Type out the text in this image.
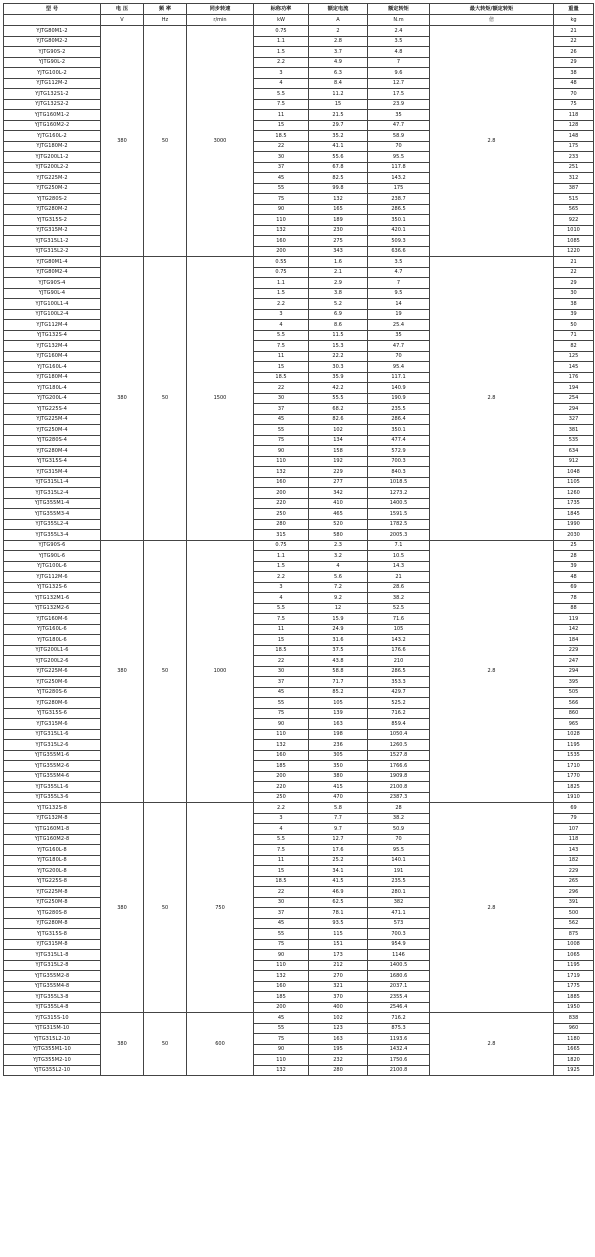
型 号	电 压	频 率	同步转速	标称功率	额定电流	额定转矩	最大转矩/额定转矩	重量
	V	Hz	r/min	kW	A	N.m	倍	kg
YJTG80M1-2	380	50	3000	0.75	2	2.4	2.8	21
YJTG80M2-2				1.1	2.8	3.5		22
YJTG90S-2				1.5	3.7	4.8		26
YJTG90L-2				2.2	4.9	7		29
YJTG100L-2				3	6.3	9.6		38
YJTG112M-2				4	8.4	12.7		48
YJTG132S1-2				5.5	11.2	17.5		70
YJTG132S2-2				7.5	15	23.9		75
YJTG160M1-2				11	21.5	35		118
YJTG160M2-2				15	29.7	47.7		128
YJTG160L-2				18.5	35.2	58.9		148
YJTG180M-2				22	41.1	70		175
YJTG200L1-2				30	55.6	95.5		233
YJTG200L2-2				37	67.8	117.8		251
YJTG225M-2				45	82.5	143.2		312
YJTG250M-2				55	99.8	175		387
YJTG280S-2				75	132	238.7		515
YJTG280M-2				90	165	286.5		565
YJTG315S-2				110	189	350.1		922
YJTG315M-2				132	230	420.1		1010
YJTG315L1-2				160	275	509.3		1085
YJTG315L2-2				200	343	636.6		1220
YJTG80M1-4	380	50	1500	0.55	1.6	3.5	2.8	21
YJTG80M2-4				0.75	2.1	4.7		22
YJTG90S-4				1.1	2.9	7		29
YJTG90L-4				1.5	3.8	9.5		30
YJTG100L1-4				2.2	5.2	14		38
YJTG100L2-4				3	6.9	19		39
YJTG112M-4				4	8.6	25.4		50
YJTG132S-4				5.5	11.5	35		71
YJTG132M-4				7.5	15.3	47.7		82
YJTG160M-4				11	22.2	70		125
YJTG160L-4				15	30.3	95.4		145
YJTG180M-4				18.5	35.9	117.1		176
YJTG180L-4				22	42.2	140.9		194
YJTG200L-4				30	55.5	190.9		254
YJTG225S-4				37	68.2	235.5		294
YJTG225M-4				45	82.6	286.4		327
YJTG250M-4				55	102	350.1		381
YJTG280S-4				75	134	477.4		535
YJTG280M-4				90	158	572.9		634
YJTG315S-4				110	192	700.3		912
YJTG315M-4				132	229	840.3		1048
YJTG315L1-4				160	277	1018.5		1105
YJTG315L2-4				200	342	1273.2		1260
YJTG355M1-4				220	410	1400.5		1735
YJTG355M3-4				250	465	1591.5		1845
YJTG355L2-4				280	520	1782.5		1990
YJTG355L3-4				315	580	2005.3		2030
YJTG90S-6	380	50	1000	0.75	2.3	7.1	2.8	25
YJTG90L-6				1.1	3.2	10.5		28
YJTG100L-6				1.5	4	14.3		39
YJTG112M-6				2.2	5.6	21		48
YJTG132S-6				3	7.2	28.6		69
YJTG132M1-6				4	9.2	38.2		78
YJTG132M2-6				5.5	12	52.5		88
YJTG160M-6				7.5	15.9	71.6		119
YJTG160L-6				11	24.9	105		142
YJTG180L-6				15	31.6	143.2		184
YJTG200L1-6				18.5	37.5	176.6		229
YJTG200L2-6				22	43.8	210		247
YJTG225M-6				30	58.8	286.5		294
YJTG250M-6				37	71.7	353.3		395
YJTG280S-6				45	85.2	429.7		505
YJTG280M-6				55	105	525.2		566
YJTG315S-6				75	139	716.2		860
YJTG315M-6				90	163	859.4		965
YJTG315L1-6				110	198	1050.4		1028
YJTG315L2-6				132	236	1260.5		1195
YJTG355M1-6				160	305	1527.8		1535
YJTG355M2-6				185	350	1766.6		1710
YJTG355M4-6				200	380	1909.8		1770
YJTG355L1-6				220	415	2100.8		1825
YJTG355L3-6				250	470	2387.3		1910
YJTG132S-8	380	50	750	2.2	5.8	28	2.8	69
YJTG132M-8				3	7.7	38.2		79
YJTG160M1-8				4	9.7	50.9		107
YJTG160M2-8				5.5	12.7	70		118
YJTG160L-8				7.5	17.6	95.5		143
YJTG180L-8				11	25.2	140.1		182
YJTG200L-8				15	34.1	191		229
YJTG225S-8				18.5	41.5	235.5		265
YJTG225M-8				22	46.9	280.1		296
YJTG250M-8				30	62.5	382		391
YJTG280S-8				37	78.1	471.1		500
YJTG280M-8				45	93.5	573		562
YJTG315S-8				55	115	700.3		875
YJTG315M-8				75	151	954.9		1008
YJTG315L1-8				90	173	1146		1065
YJTG315L2-8				110	212	1400.5		1195
YJTG355M2-8				132	270	1680.6		1719
YJTG355M4-8				160	321	2037.1		1775
YJTG355L3-8				185	370	2355.4		1885
YJTG355L4-8				200	400	2546.4		1950
YJTG315S-10	380	50	600	45	102	716.2	2.8	838
YJTG315M-10				55	123	875.3		960
YJTG315L2-10				75	163	1193.6		1180
YJTG355M1-10				90	195	1432.4		1665
YJTG355M2-10				110	232	1750.6		1820
YJTG355L2-10				132	280	2100.8		1925
